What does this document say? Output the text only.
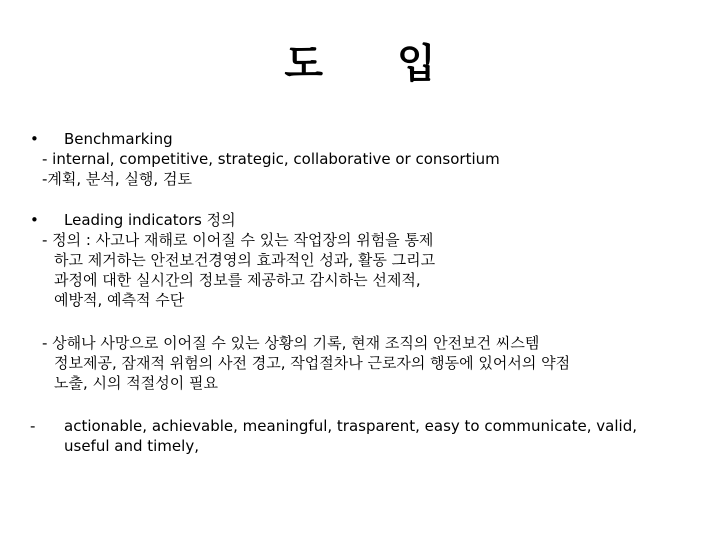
도 입
• Benchmarking
- internal, competitive, strategic, collaborative or consortium
-계획, 분석, 실행, 검토
• Leading indicators 정의
- 정의 : 사고나 재해로 이어질 수 있는 작업장의 위험을 통제
하고 제거하는 안전보건경영의 효과적인 성과, 활동 그리고
과정에 대한 실시간의 정보를 제공하고 감시하는 선제적,
예방적, 예측적 수단
- 상해나 사망으로 이어질 수 있는 상황의 기록, 현재 조직의 안전보건 씨스템
정보제공, 잠재적 위험의 사전 경고, 작업절차나 근로자의 행동에 있어서의 약점
노출, 시의 적절성이 필요
- actionable, achievable, meaningful, trasparent, easy to communicate, valid,
useful and timely,
